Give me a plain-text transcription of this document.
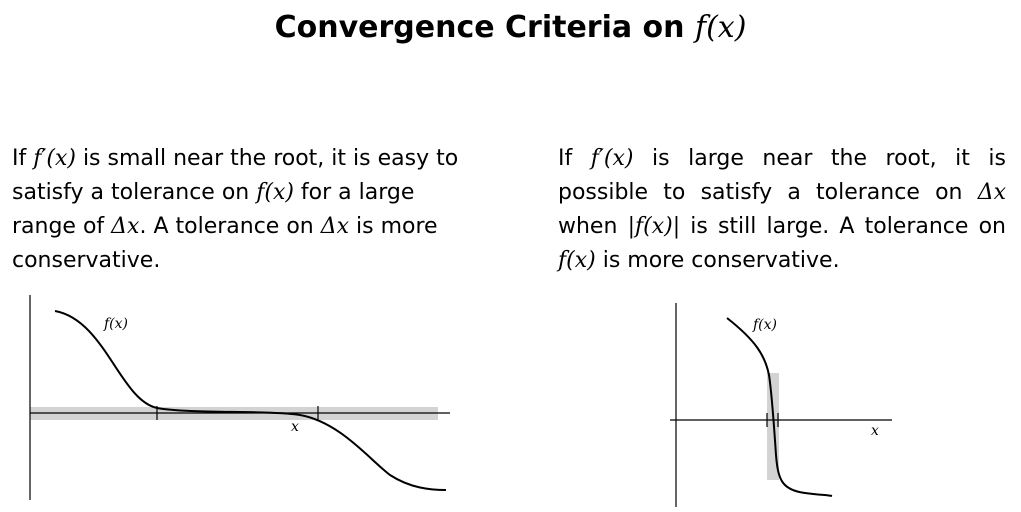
Convergence Criteria on f(x)
If f′(x) is small near the root, it is easy to satisfy a tolerance on f(x) for a large range of Δx. A tolerance on Δx is more conservative.
If f′(x) is large near the root, it is possible to satisfy a tolerance on Δx when |f(x)| is still large. A tolerance on f(x) is more conservative.
f(x)
x
f(x)
x
